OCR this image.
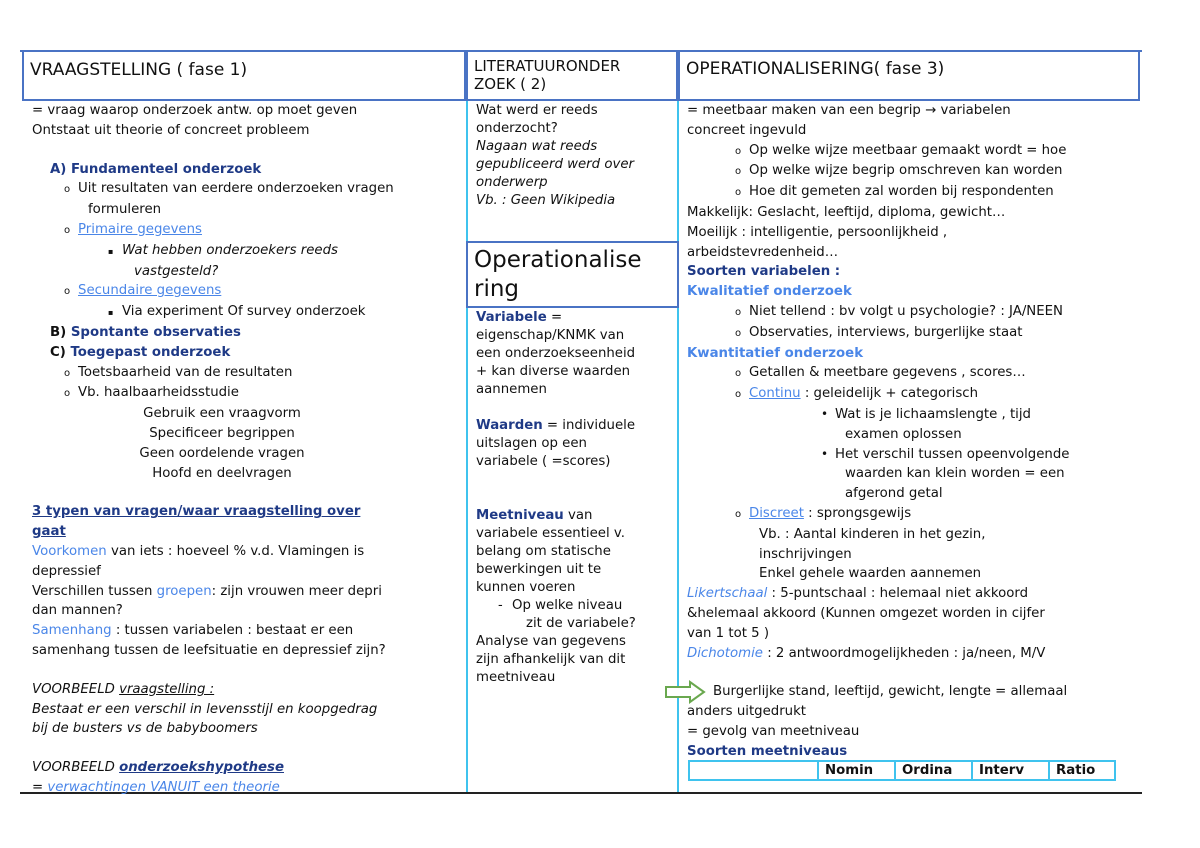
VRAAGSTELLING ( fase 1)	LITERATUURONDER
ZOEK ( 2)
OPERATIONALISERING( fase 3)
= vraag waarop onderzoek antw. op moet geven
Ontstaat uit theorie of concreet probleem
A) Fundamenteel onderzoek
o Uit resultaten van eerdere onderzoeken vragen
formuleren
o Primaire gegevens
▪ Wat hebben onderzoekers reeds
vastgesteld?
o Secundaire gegevens
▪ Via experiment Of survey onderzoek
B) Spontante observaties
C) Toegepast onderzoek
o Toetsbaarheid van de resultaten
o Vb. haalbaarheidsstudie
Gebruik een vraagvorm
Specificeer begrippen
Geen oordelende vragen
Hoofd en deelvragen
3 typen van vragen/waar vraagstelling over
gaat
Voorkomen van iets : hoeveel % v.d. Vlamingen is
depressief
Verschillen tussen groepen: zijn vrouwen meer depri
dan mannen?
Samenhang : tussen variabelen : bestaat er een
samenhang tussen de leefsituatie en depressief zijn?
VOORBEELD vraagstelling :
Bestaat er een verschil in levensstijl en koopgedrag
bij de busters vs de babyboomers
VOORBEELD onderzoekshypothese
= verwachtingen VANUIT een theorie
Wat werd er reeds
onderzocht?
Nagaan wat reeds
gepubliceerd werd over
onderwerp
Vb. : Geen Wikipedia
Operationalise
ring
Variabele =
eigenschap/KNMK van
een onderzoekseenheid
+ kan diverse waarden
aannemen
Waarden = individuele
uitslagen op een
variabele ( =scores)
Meetniveau van
variabele essentieel v.
belang om statische
bewerkingen uit te
kunnen voeren
- Op welke niveau
zit de variabele?
Analyse van gegevens
zijn afhankelijk van dit
meetniveau
= meetbaar maken van een begrip → variabelen
concreet ingevuld
o Op welke wijze meetbaar gemaakt wordt = hoe
o Op welke wijze begrip omschreven kan worden
o Hoe dit gemeten zal worden bij respondenten
Makkelijk: Geslacht, leeftijd, diploma, gewicht…
Moeilijk : intelligentie, persoonlijkheid ,
arbeidstevredenheid…
Soorten variabelen :
Kwalitatief onderzoek
o Niet tellend : bv volgt u psychologie? : JA/NEEN
o Observaties, interviews, burgerlijke staat
Kwantitatief onderzoek
o Getallen & meetbare gegevens , scores…
o Continu : geleidelijk + categorisch
• Wat is je lichaamslengte , tijd
examen oplossen
• Het verschil tussen opeenvolgende
waarden kan klein worden = een
afgerond getal
o Discreet : sprongsgewijs
Vb. : Aantal kinderen in het gezin,
inschrijvingen
Enkel gehele waarden aannemen
Likertschaal : 5-puntschaal : helemaal niet akkoord
&helemaal akkoord (Kunnen omgezet worden in cijfer
van 1 tot 5 )
Dichotomie : 2 antwoordmogelijkheden : ja/neen, M/V
Burgerlijke stand, leeftijd, gewicht, lengte = allemaal
anders uitgedrukt
= gevolg van meetniveau
Soorten meetniveaus
	Nomin	Ordina	Interv	Ratio
